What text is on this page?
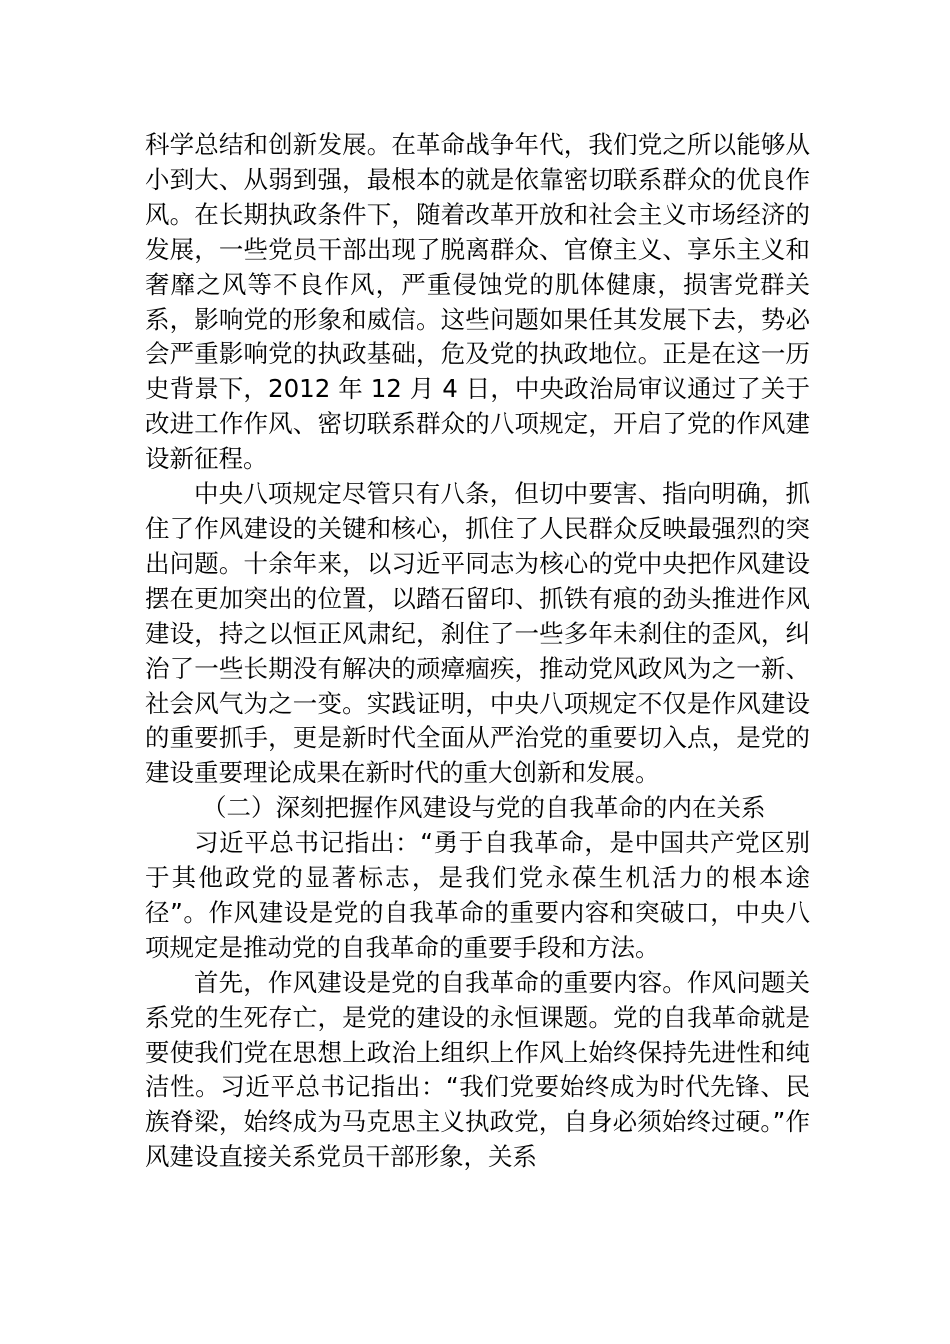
科学总结和创新发展。在革命战争年代，我们党之所以能够从小到大、从弱到强，最根本的就是依靠密切联系群众的优良作风。在长期执政条件下，随着改革开放和社会主义市场经济的发展，一些党员干部出现了脱离群众、官僚主义、享乐主义和奢靡之风等不良作风，严重侵蚀党的肌体健康，损害党群关系，影响党的形象和威信。这些问题如果任其发展下去，势必会严重影响党的执政基础，危及党的执政地位。正是在这一历史背景下，2012 年 12 月 4 日，中央政治局审议通过了关于改进工作作风、密切联系群众的八项规定，开启了党的作风建设新征程。

中央八项规定尽管只有八条，但切中要害、指向明确，抓住了作风建设的关键和核心，抓住了人民群众反映最强烈的突出问题。十余年来，以习近平同志为核心的党中央把作风建设摆在更加突出的位置，以踏石留印、抓铁有痕的劲头推进作风建设，持之以恒正风肃纪，刹住了一些多年未刹住的歪风，纠治了一些长期没有解决的顽瘴痼疾，推动党风政风为之一新、社会风气为之一变。实践证明，中央八项规定不仅是作风建设的重要抓手，更是新时代全面从严治党的重要切入点，是党的建设重要理论成果在新时代的重大创新和发展。

（二）深刻把握作风建设与党的自我革命的内在关系

习近平总书记指出：“勇于自我革命，是中国共产党区别于其他政党的显著标志，是我们党永葆生机活力的根本途径”。作风建设是党的自我革命的重要内容和突破口，中央八项规定是推动党的自我革命的重要手段和方法。

首先，作风建设是党的自我革命的重要内容。作风问题关系党的生死存亡，是党的建设的永恒课题。党的自我革命就是要使我们党在思想上政治上组织上作风上始终保持先进性和纯洁性。习近平总书记指出：“我们党要始终成为时代先锋、民族脊梁，始终成为马克思主义执政党，自身必须始终过硬。”作风建设直接关系党员干部形象，关系
